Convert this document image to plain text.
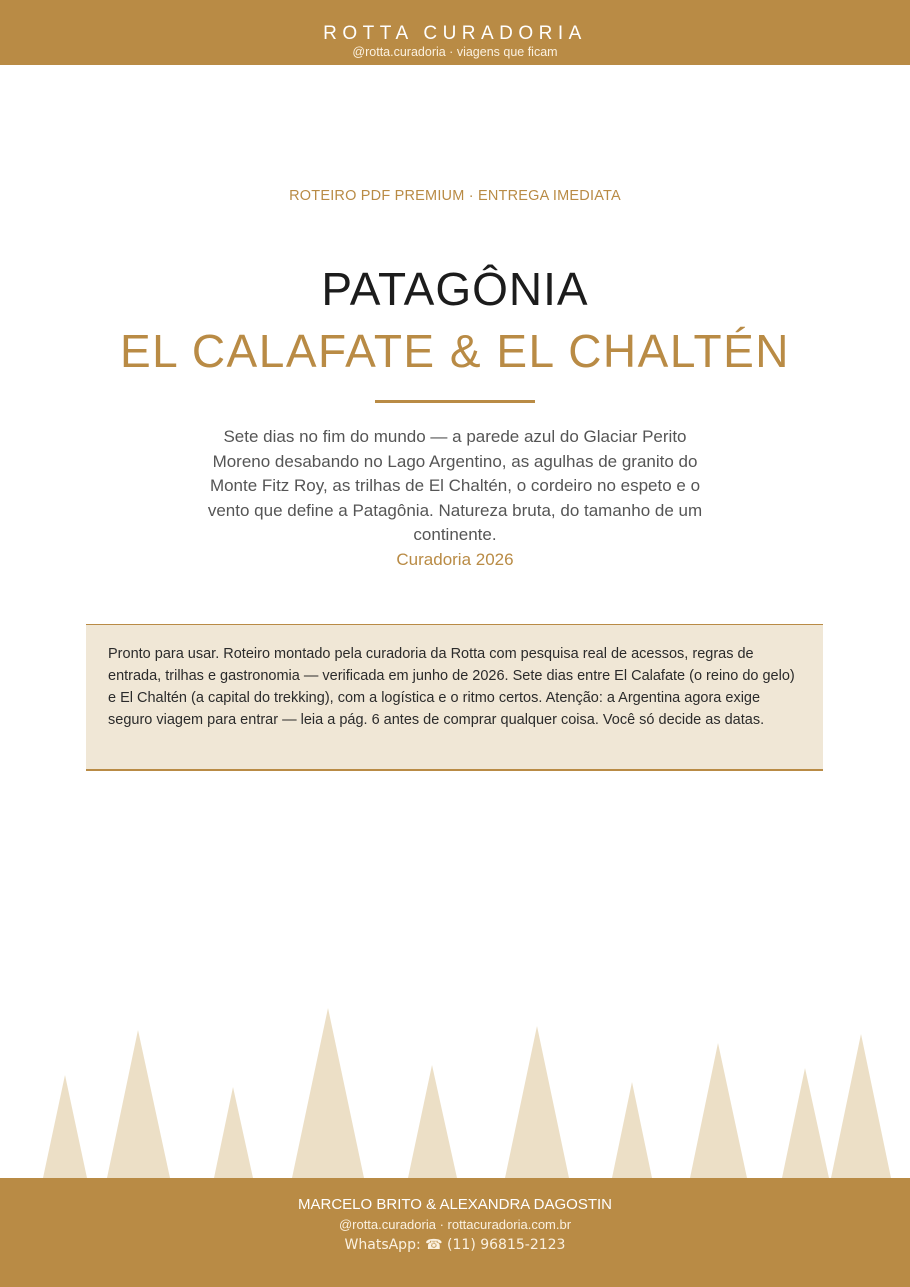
ROTTA CURADORIA
@rotta.curadoria · viagens que ficam
ROTEIRO PDF PREMIUM · ENTREGA IMEDIATA
PATAGÔNIA
EL CALAFATE & EL CHALTÉN
Sete dias no fim do mundo — a parede azul do Glaciar Perito Moreno desabando no Lago Argentino, as agulhas de granito do Monte Fitz Roy, as trilhas de El Chaltén, o cordeiro no espeto e o vento que define a Patagônia. Natureza bruta, do tamanho de um continente.
Curadoria 2026
Pronto para usar. Roteiro montado pela curadoria da Rotta com pesquisa real de acessos, regras de entrada, trilhas e gastronomia — verificada em junho de 2026. Sete dias entre El Calafate (o reino do gelo) e El Chaltén (a capital do trekking), com a logística e o ritmo certos. Atenção: a Argentina agora exige seguro viagem para entrar — leia a pág. 6 antes de comprar qualquer coisa. Você só decide as datas.
MARCELO BRITO & ALEXANDRA DAGOSTIN
@rotta.curadoria · rottacuradoria.com.br
WhatsApp: ☎ (11) 96815-2123
